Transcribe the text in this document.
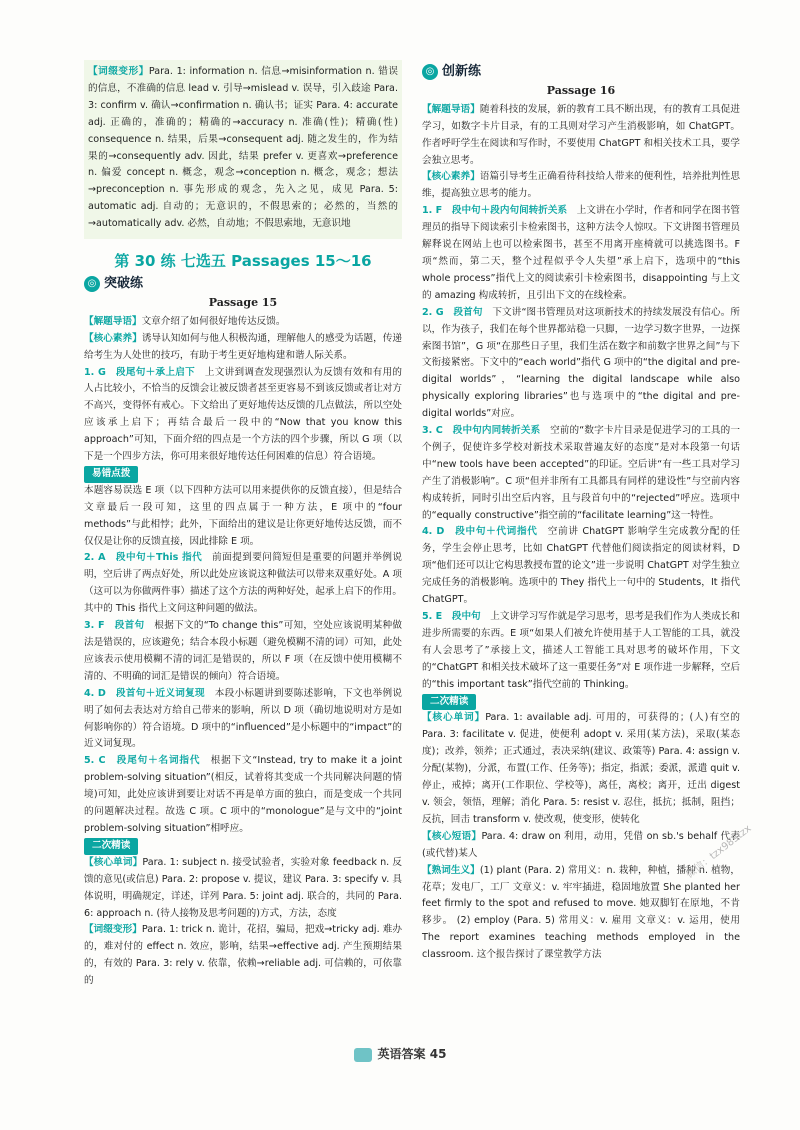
【词缀变形】Para. 1: information n. 信息→misinformation n. 错误的信息，不准确的信息 lead v. 引导→mislead v. 误导，引入歧途 Para. 3: confirm v. 确认→confirmation n. 确认书；证实 Para. 4: accurate adj. 正确的，准确的；精确的→accuracy n. 准确(性)；精确(性) consequence n. 结果，后果→consequent adj. 随之发生的，作为结果的→consequently adv. 因此，结果 prefer v. 更喜欢→preference n. 偏爱 concept n. 概念，观念→conception n. 概念，观念；想法→preconception n. 事先形成的观念，先入之见，成见 Para. 5: automatic adj. 自动的；无意识的，不假思索的；必然的，当然的→automatically adv. 必然，自动地；不假思索地，无意识地
第 30 练 七选五 Passages 15～16
◎ 突破练
Passage 15

【解题导语】文章介绍了如何很好地传达反馈。

【核心素养】诱导认知如何与他人积极沟通，理解他人的感受为话题，传递给考生为人处世的技巧，有助于考生更好地构建和谐人际关系。

1. G　段尾句＋承上启下　 上文讲到调查发现强烈认为反馈有效和有用的人占比较小，不恰当的反馈会让被反馈者甚至更容易不到该反馈或者让对方不高兴，变得怀有戒心。下文给出了更好地传达反馈的几点做法，所以空处应该承上启下；再结合最后一段中的“Now that you know this approach”可知，下面介绍的四点是一个方法的四个步骤，所以 G 项（以下是一个四步方法，你可用来很好地传达任何困难的信息）符合语境。

易错点拨

本题容易误选 E 项（以下四种方法可以用来提供你的反馈直接），但是结合文章最后一段可知，这里的四点属于一种方法，E 项中的“four methods”与此相悖；此外，下面给出的建议是让你更好地传达反馈，而不仅仅是让你的反馈直接，因此排除 E 项。

2. A　段中句＋This 指代　 前面提到要问简短但是重要的问题并举例说明，空后讲了两点好处，所以此处应该说这种做法可以带来双重好处。A 项（这可以为你做两件事）描述了这个方法的两种好处，起承上启下的作用。其中的 This 指代上文问这种问题的做法。

3. F　段首句　 根据下文的“To change this”可知，空处应该说明某种做法是错误的，应该避免；结合本段小标题（避免模糊不清的词）可知，此处应该表示使用模糊不清的词汇是错误的，所以 F 项（在反馈中使用模糊不清的、不明确的词汇是错误的倾向）符合语境。

4. D　段首句＋近义词复现　 本段小标题讲到要陈述影响，下文也举例说明了如何去表达对方给自己带来的影响，所以 D 项（确切地说明对方是如何影响你的）符合语境。D 项中的“influenced”是小标题中的“impact”的近义词复现。

5. C　段尾句＋名词指代　 根据下文“Instead, try to make it a joint problem-solving situation”(相反，试着将其变成一个共同解决问题的情境)可知，此处应该讲到要让对话不再是单方面的独白，而是变成一个共同的问题解决过程。故选 C 项。C 项中的“monologue”是与文中的“joint problem-solving situation”相呼应。

二次精读

【核心单词】Para. 1: subject n. 接受试验者，实验对象 feedback n. 反馈的意见(或信息) Para. 2: propose v. 提议，建议 Para. 3: specify v. 具体说明，明确规定，详述，详列 Para. 5: joint adj. 联合的，共同的 Para. 6: approach n. (待人接物及思考问题的)方式，方法，态度

【词缀变形】Para. 1: trick n. 诡计，花招，骗局，把戏→tricky adj. 难办的，难对付的 effect n. 效应，影响，结果→effective adj. 产生预期结果的，有效的 Para. 3: rely v. 依靠，依赖→reliable adj. 可信赖的，可依靠的

◎ 创新练
Passage 16

【解题导语】随着科技的发展，新的教育工具不断出现，有的教育工具促进学习，如数字卡片目录，有的工具则对学习产生消极影响，如 ChatGPT。作者呼吁学生在阅读和写作时，不要使用 ChatGPT 和相关技术工具，要学会独立思考。

【核心素养】语篇引导考生正确看待科技给人带来的便利性，培养批判性思维，提高独立思考的能力。

1. F　段中句＋段内句间转折关系　 上文讲在小学时，作者和同学在图书管理员的指导下阅读索引卡检索图书，这种方法令人惊叹。下文讲图书管理员解释说在网站上也可以检索图书，甚至不用离开座椅就可以挑选图书。F 项“然而，第二天，整个过程似乎令人失望”承上启下，选项中的“this whole process”指代上文的阅读索引卡检索图书，disappointing 与上文的 amazing 构成转折，且引出下文的在线检索。

2. G　段首句　 下文讲“图书管理员对这项新技术的持续发展没有信心。所以，作为孩子，我们在每个世界都站稳一只脚，一边学习数字世界，一边探索图书馆”，G 项“在那些日子里，我们生活在数字和前数字世界之间”与下文衔接紧密。下文中的“each world”指代 G 项中的“the digital and pre-digital worlds”，“learning the digital landscape while also physically exploring libraries”也与选项中的“the digital and pre-digital worlds”对应。

3. C　段中句内同转折关系　 空前的“数字卡片目录是促进学习的工具的一个例子，促使许多学校对新技术采取普遍友好的态度”是对本段第一句话中“new tools have been accepted”的印证。空后讲“有一些工具对学习产生了消极影响”。C 项“但并非所有工具都具有同样的建设性”与空前内容构成转折，同时引出空后内容，且与段首句中的“rejected”呼应。选项中的“equally constructive”指空前的“facilitate learning”这一特性。

4. D　段中句＋代词指代　 空前讲 ChatGPT 影响学生完成教分配的任务，学生会停止思考，比如 ChatGPT 代替他们阅读指定的阅读材料，D 项“他们还可以让它构思教授布置的论文”进一步说明 ChatGPT 对学生独立完成任务的消极影响。选项中的 They 指代上一句中的 Students，It 指代 ChatGPT。

5. E　段中句　 上文讲学习写作就是学习思考，思考是我们作为人类成长和进步所需要的东西。E 项“如果人们被允许使用基于人工智能的工具，就没有人会思考了”承接上文，描述人工智能工具对思考的破坏作用，下文的“ChatGPT 和相关技术破坏了这一重要任务”对 E 项作进一步解释，空后的“this important task”指代空前的 Thinking。

二次精读

【核心单词】Para. 1: available adj. 可用的，可获得的；(人)有空的 Para. 3: facilitate v. 促进，使便利 adopt v. 采用(某方法)，采取(某态度)；改养，领养；正式通过，表决采纳(建议、政策等) Para. 4: assign v. 分配(某物)，分派，布置(工作、任务等)；指定，指派；委派，派遣 quit v. 停止，戒掉；离开(工作职位、学校等)，离任，离校；离开，迁出 digest v. 领会，领悟，理解；消化 Para. 5: resist v. 忍住，抵抗；抵制，阻挡；反抗，回击 transform v. 使改观，使变形，使转化

【核心短语】Para. 4: draw on 利用，动用，凭借 on sb.'s behalf 代表(或代替)某人

【熟词生义】(1) plant (Para. 2) 常用义：n. 栽种，种植，播种 n. 植物，花草；发电厂，工厂 文章义：v. 牢牢插进，稳固地放置 She planted her feet firmly to the spot and refused to move. 她双脚钉在原地，不肯移步。 (2) employ (Para. 5) 常用义：v. 雇用 文章义：v. 运用，使用 The report examines teaching methods employed in the classroom. 这个报告探讨了课堂教学方法

微信：tzx985tzx
英语答案 45
